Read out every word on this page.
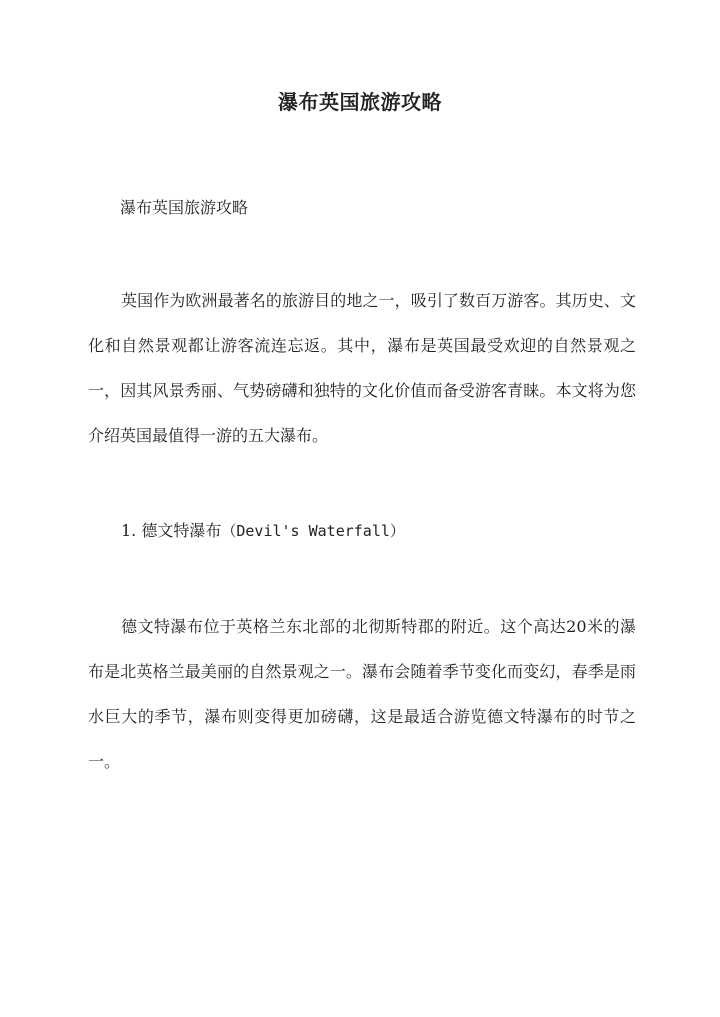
瀑布英国旅游攻略

瀑布英国旅游攻略

英国作为欧洲最著名的旅游目的地之一，吸引了数百万游客。其历史、文化和自然景观都让游客流连忘返。其中，瀑布是英国最受欢迎的自然景观之一，因其风景秀丽、气势磅礴和独特的文化价值而备受游客青睐。本文将为您介绍英国最值得一游的五大瀑布。

1. 德文特瀑布（Devil's Waterfall）

德文特瀑布位于英格兰东北部的北彻斯特郡的附近。这个高达20米的瀑布是北英格兰最美丽的自然景观之一。瀑布会随着季节变化而变幻，春季是雨水巨大的季节，瀑布则变得更加磅礴，这是最适合游览德文特瀑布的时节之一。
